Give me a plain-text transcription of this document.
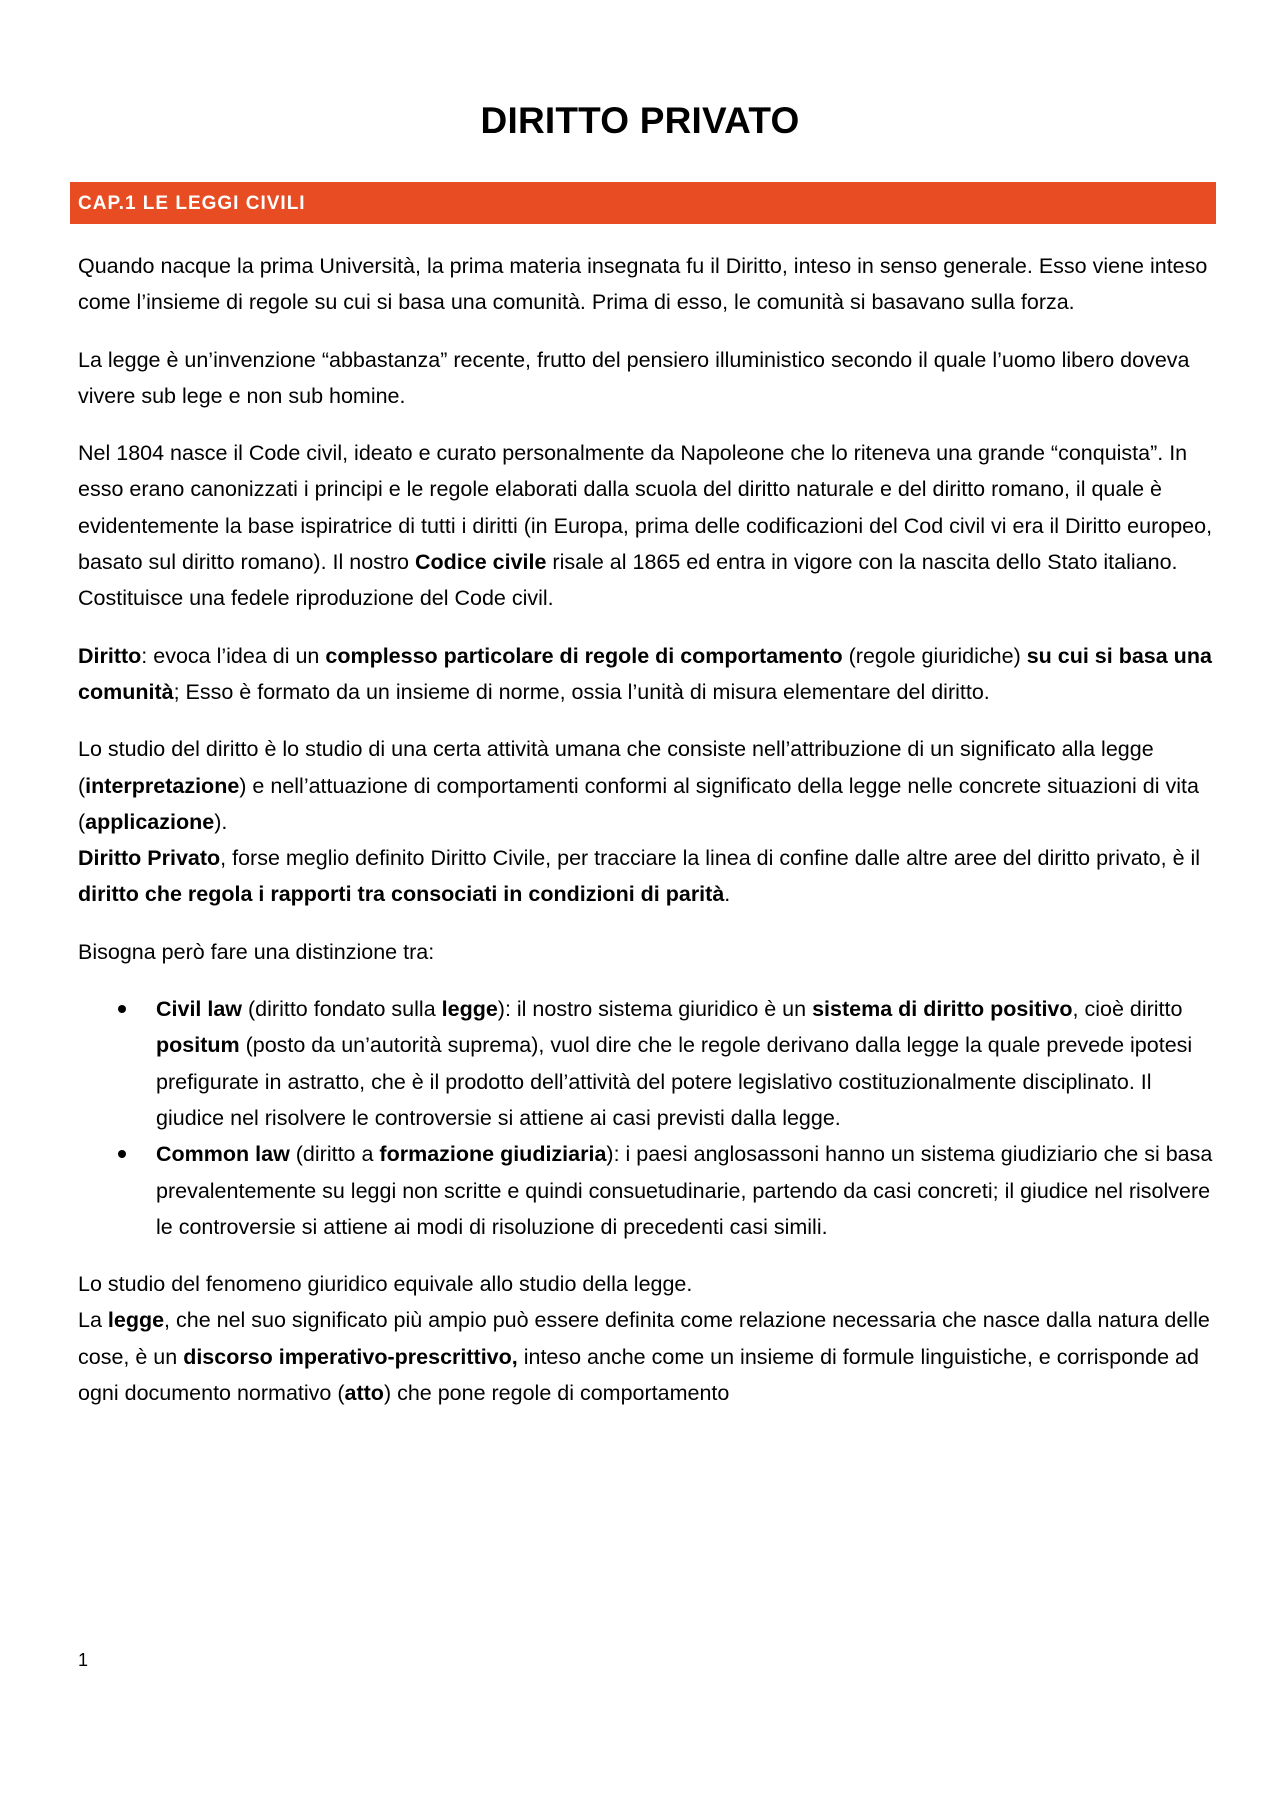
DIRITTO PRIVATO
CAP.1 LE LEGGI CIVILI

Quando nacque la prima Università, la prima materia insegnata fu il Diritto, inteso in senso generale. Esso viene inteso come l’insieme di regole su cui si basa una comunità. Prima di esso, le comunità si basavano sulla forza.

La legge è un’invenzione “abbastanza” recente, frutto del pensiero illuministico secondo il quale l’uomo libero doveva vivere sub lege e non sub homine.

Nel 1804 nasce il Code civil, ideato e curato personalmente da Napoleone che lo riteneva una grande “conquista”. In esso erano canonizzati i principi e le regole elaborati dalla scuola del diritto naturale e del diritto romano, il quale è evidentemente la base ispiratrice di tutti i diritti (in Europa, prima delle codificazioni del Cod civil vi era il Diritto europeo, basato sul diritto romano). Il nostro Codice civile risale al 1865 ed entra in vigore con la nascita dello Stato italiano. Costituisce una fedele riproduzione del Code civil.

Diritto: evoca l’idea di un complesso particolare di regole di comportamento (regole giuridiche) su cui si basa una comunità; Esso è formato da un insieme di norme, ossia l’unità di misura elementare del diritto.

Lo studio del diritto è lo studio di una certa attività umana che consiste nell’attribuzione di un significato alla legge (interpretazione) e nell’attuazione di comportamenti conformi al significato della legge nelle concrete situazioni di vita (applicazione).

Diritto Privato, forse meglio definito Diritto Civile, per tracciare la linea di confine dalle altre aree del diritto privato, è il diritto che regola i rapporti tra consociati in condizioni di parità.

Bisogna però fare una distinzione tra:

Civil law (diritto fondato sulla legge): il nostro sistema giuridico è un sistema di diritto positivo, cioè diritto positum (posto da un’autorità suprema), vuol dire che le regole derivano dalla legge la quale prevede ipotesi prefigurate in astratto, che è il prodotto dell’attività del potere legislativo costituzionalmente disciplinato. Il giudice nel risolvere le controversie si attiene ai casi previsti dalla legge.
Common law (diritto a formazione giudiziaria): i paesi anglosassoni hanno un sistema giudiziario che si basa prevalentemente su leggi non scritte e quindi consuetudinarie, partendo da casi concreti; il giudice nel risolvere le controversie si attiene ai modi di risoluzione di precedenti casi simili.

Lo studio del fenomeno giuridico equivale allo studio della legge.

La legge, che nel suo significato più ampio può essere definita come relazione necessaria che nasce dalla natura delle cose, è un discorso imperativo-prescrittivo, inteso anche come un insieme di formule linguistiche, e corrisponde ad ogni documento normativo (atto) che pone regole di comportamento

1
